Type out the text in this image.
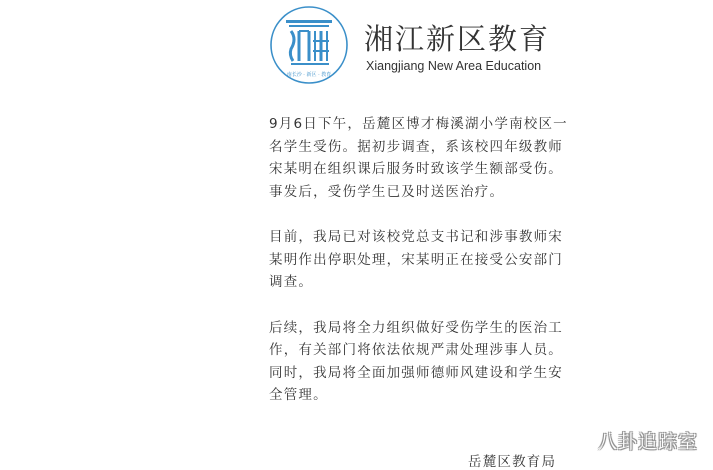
南长沙 · 新区 · 教育
湘江新区教育
Xiangjiang New Area Education

9月6日下午，岳麓区博才梅溪湖小学南校区一
名学生受伤。据初步调查，系该校四年级教师
宋某明在组织课后服务时致该学生额部受伤。
事发后，受伤学生已及时送医治疗。

目前，我局已对该校党总支书记和涉事教师宋
某明作出停职处理，宋某明正在接受公安部门
调查。

后续，我局将全力组织做好受伤学生的医治工
作，有关部门将依法依规严肃处理涉事人员。
同时，我局将全面加强师德师风建设和学生安
全管理。

岳麓区教育局
八卦追踪室
